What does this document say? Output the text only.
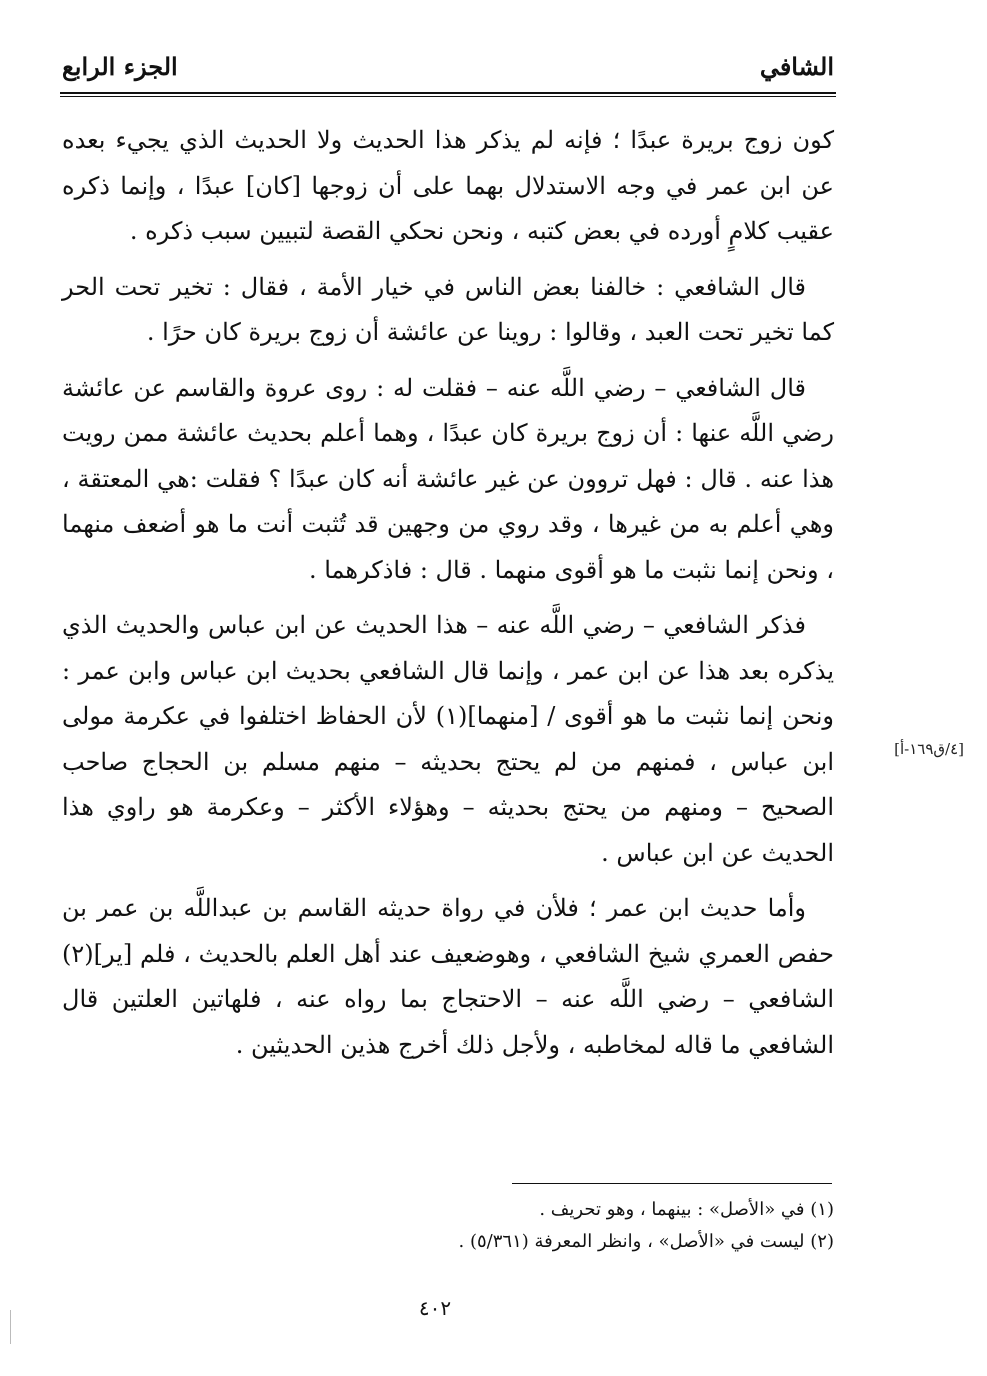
الشافي
الجزء الرابع

كون زوج بريرة عبدًا ؛ فإنه لم يذكر هذا الحديث ولا الحديث الذي يجيء بعده عن ابن عمر في وجه الاستدلال بهما على أن زوجها [كان] عبدًا ، وإنما ذكره عقيب كلامٍ أورده في بعض كتبه ، ونحن نحكي القصة لتبيين سبب ذكره .

قال الشافعي : خالفنا بعض الناس في خيار الأمة ، فقال : تخير تحت الحر كما تخير تحت العبد ، وقالوا : روينا عن عائشة أن زوج بريرة كان حرًا .

قال الشافعي – رضي اللَّه عنه – فقلت له : روى عروة والقاسم عن عائشة رضي اللَّه عنها : أن زوج بريرة كان عبدًا ، وهما أعلم بحديث عائشة ممن رويت هذا عنه . قال : فهل تروون عن غير عائشة أنه كان عبدًا ؟ فقلت :هي المعتقة ، وهي أعلم به من غيرها ، وقد روي من وجهين قد تُثبت أنت ما هو أضعف منهما ، ونحن إنما نثبت ما هو أقوى منهما . قال : فاذكرهما .

فذكر الشافعي – رضي اللَّه عنه – هذا الحديث عن ابن عباس والحديث الذي يذكره بعد هذا عن ابن عمر ، وإنما قال الشافعي بحديث ابن عباس وابن عمر : ونحن إنما نثبت ما هو أقوى / [منهما](١) لأن الحفاظ اختلفوا في عكرمة مولى ابن عباس ، فمنهم من لم يحتج بحديثه – منهم مسلم بن الحجاج صاحب الصحيح – ومنهم من يحتج بحديثه – وهؤلاء الأكثر – وعكرمة هو راوي هذا الحديث عن ابن عباس .

وأما حديث ابن عمر ؛ فلأن في رواة حديثه القاسم بن عبداللَّه بن عمر بن حفص العمري شيخ الشافعي ، وهوضعيف عند أهل العلم بالحديث ، فلم [ير](٢) الشافعي – رضي اللَّه عنه – الاحتجاج بما رواه عنه ، فلهاتين العلتين قال الشافعي ما قاله لمخاطبه ، ولأجل ذلك أخرج هذين الحديثين .

[٤/ق١٦٩-أ]
(١) في «الأصل» : بينهما ، وهو تحريف .
(٢) ليست في «الأصل» ، وانظر المعرفة (٥/٣٦١) .
٤٠٢
